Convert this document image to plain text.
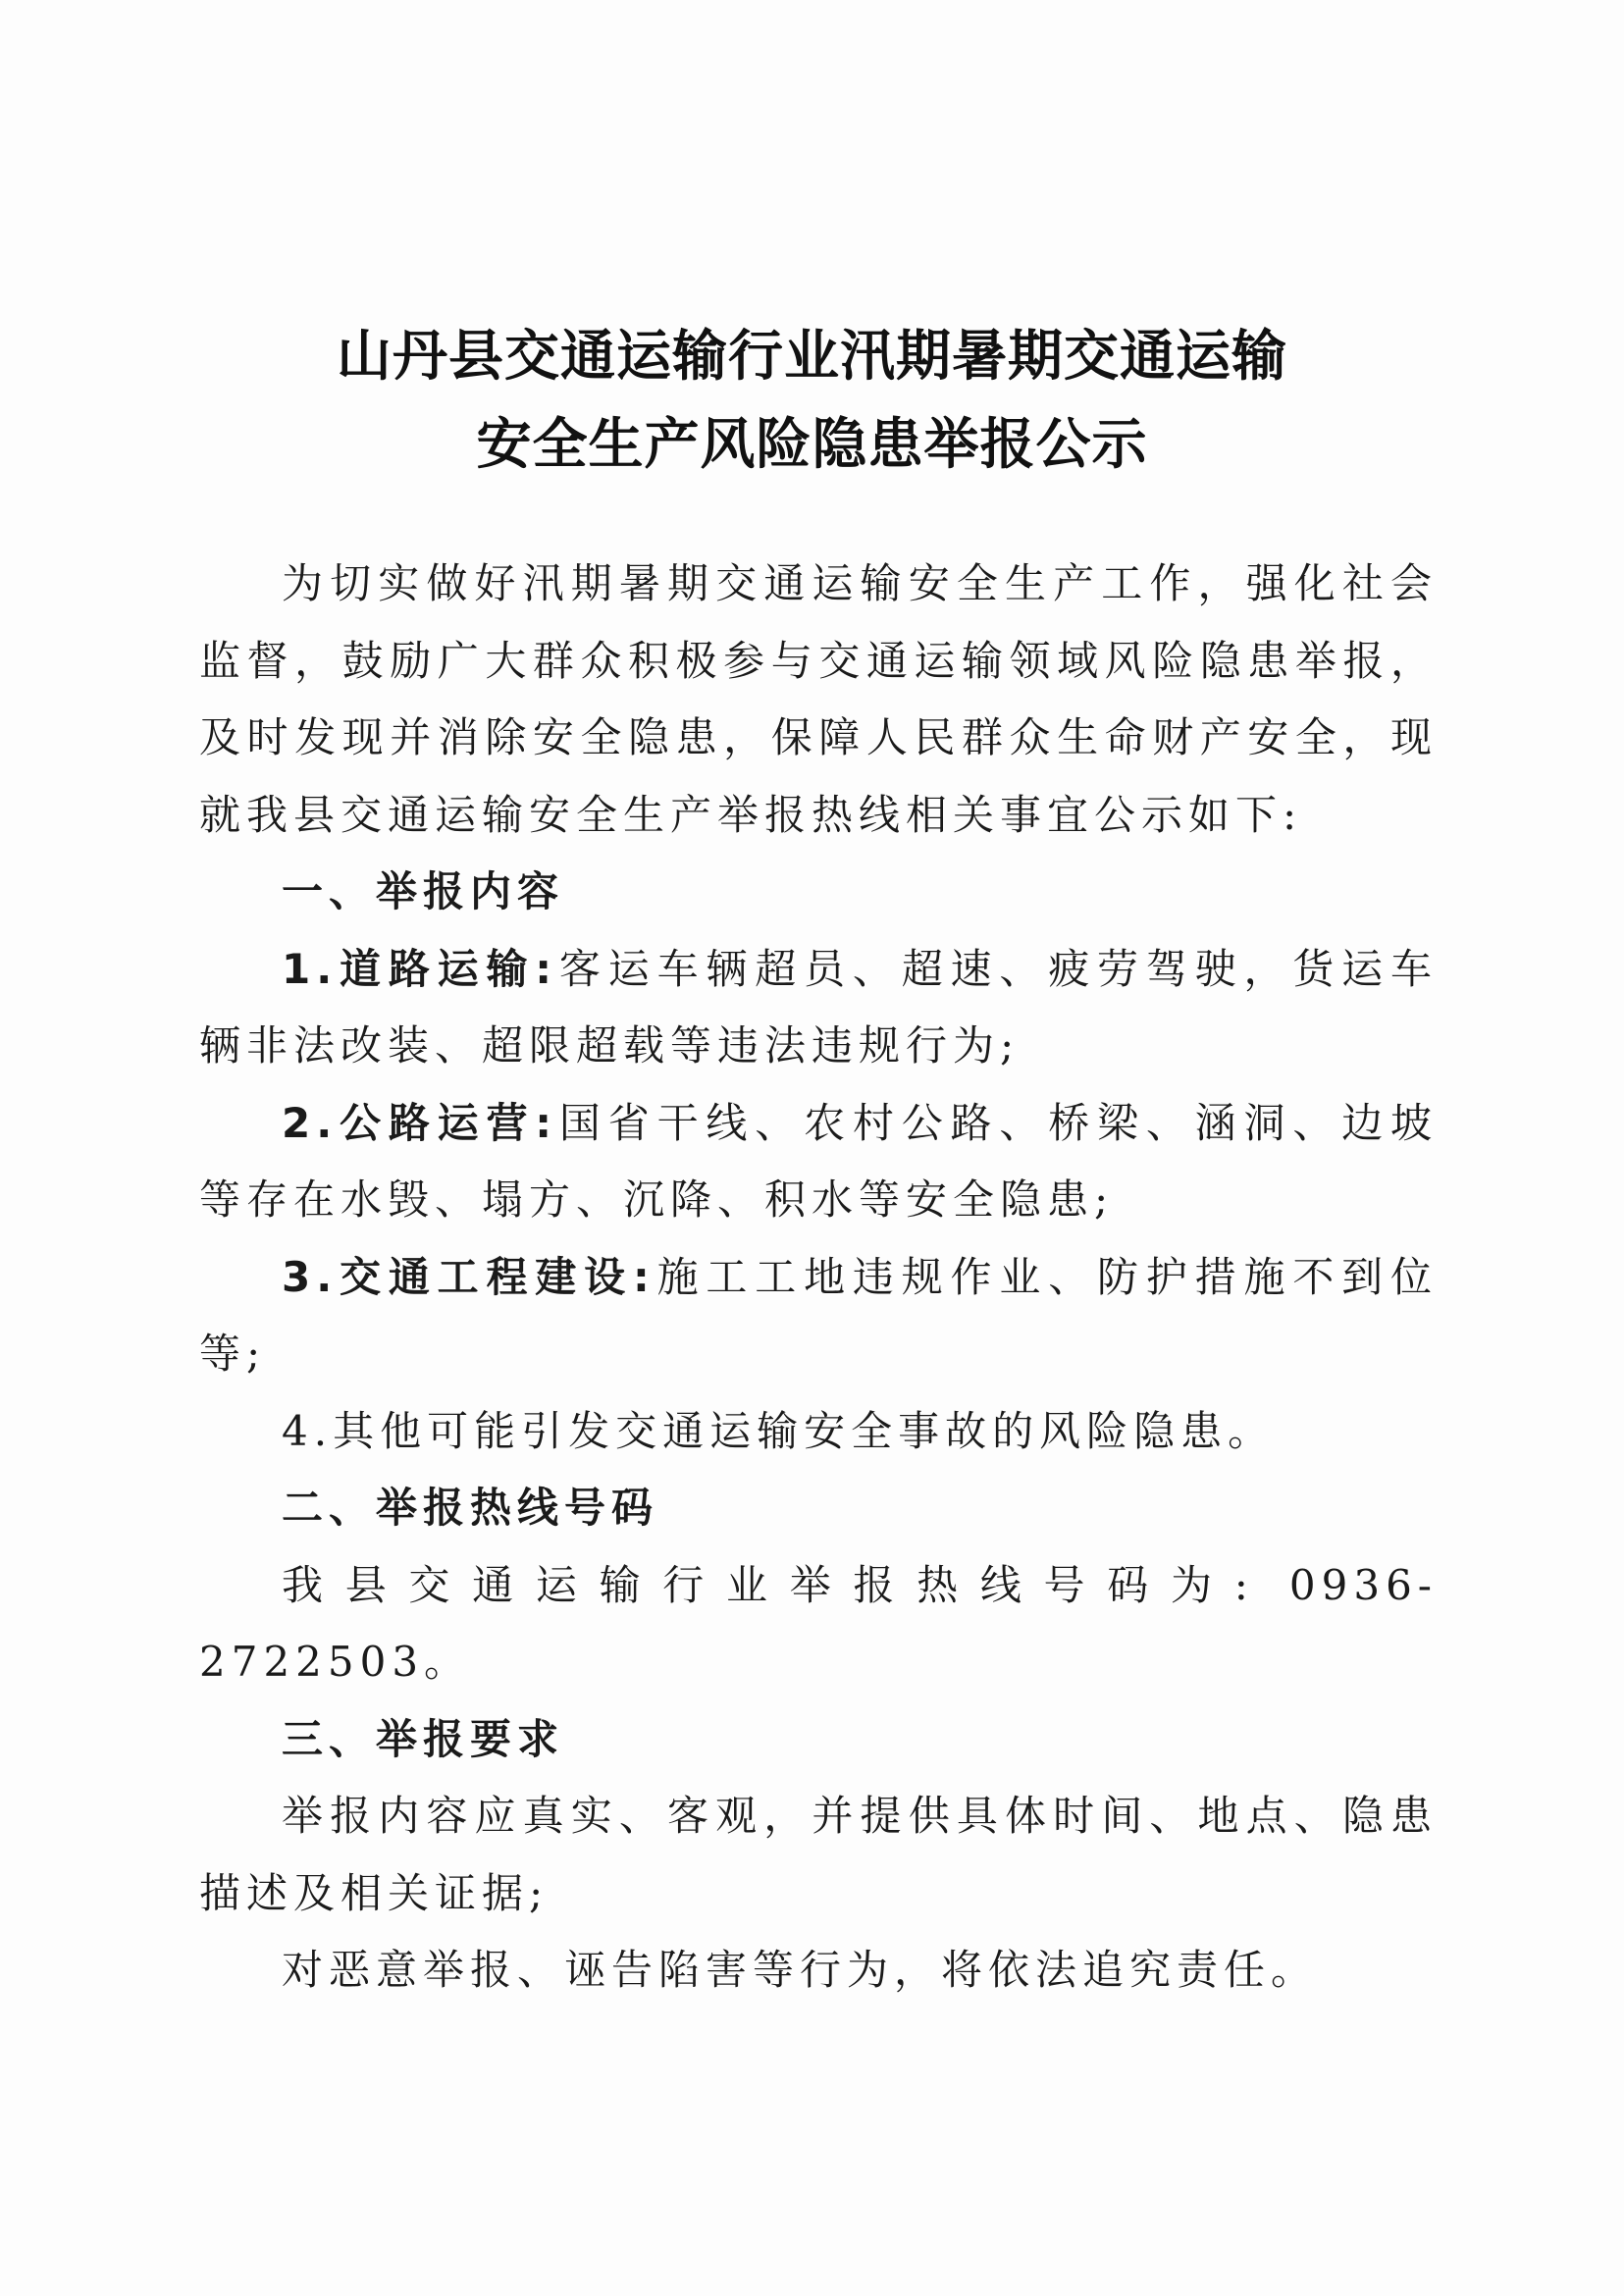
山丹县交通运输行业汛期暑期交通运输
安全生产风险隐患举报公示

为切实做好汛期暑期交通运输安全生产工作，强化社会监督，鼓励广大群众积极参与交通运输领域风险隐患举报，及时发现并消除安全隐患，保障人民群众生命财产安全，现就我县交通运输安全生产举报热线相关事宜公示如下:

一、举报内容

1.道路运输:客运车辆超员、超速、疲劳驾驶，货运车辆非法改装、超限超载等违法违规行为;

2.公路运营:国省干线、农村公路、桥梁、涵洞、边坡等存在水毁、塌方、沉降、积水等安全隐患;

3.交通工程建设:施工工地违规作业、防护措施不到位等;

4.其他可能引发交通运输安全事故的风险隐患。

二、举报热线号码

我县交通运输行业举报热线号码为: 0936-2722503。

三、举报要求

举报内容应真实、客观，并提供具体时间、地点、隐患描述及相关证据;

对恶意举报、诬告陷害等行为，将依法追究责任。
